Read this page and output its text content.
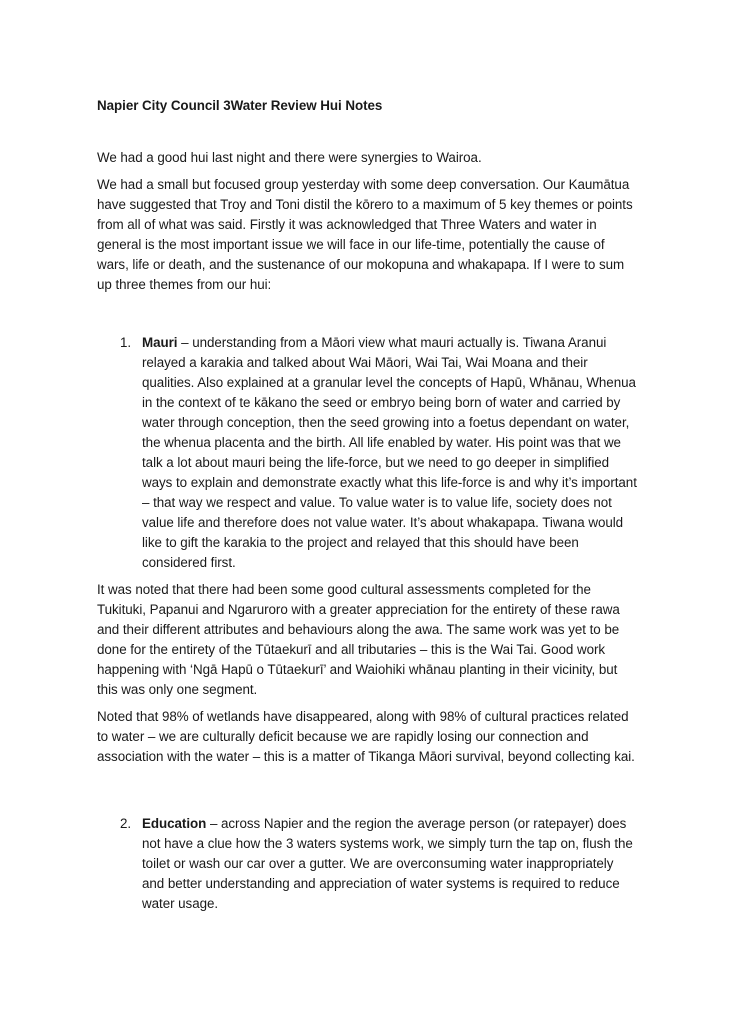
Napier City Council 3Water Review Hui Notes

We had a good hui last night and there were synergies to Wairoa.

We had a small but focused group yesterday with some deep conversation. Our Kaumātua have suggested that Troy and Toni distil the kōrero to a maximum of 5 key themes or points from all of what was said. Firstly it was acknowledged that Three Waters and water in general is the most important issue we will face in our life-time, potentially the cause of wars, life or death, and the sustenance of our mokopuna and whakapapa. If I were to sum up three themes from our hui:

1. Mauri – understanding from a Māori view what mauri actually is. Tiwana Aranui relayed a karakia and talked about Wai Māori, Wai Tai, Wai Moana and their qualities. Also explained at a granular level the concepts of Hapū, Whānau, Whenua in the context of te kākano the seed or embryo being born of water and carried by water through conception, then the seed growing into a foetus dependant on water, the whenua placenta and the birth. All life enabled by water. His point was that we talk a lot about mauri being the life-force, but we need to go deeper in simplified ways to explain and demonstrate exactly what this life-force is and why it’s important – that way we respect and value. To value water is to value life, society does not value life and therefore does not value water. It’s about whakapapa. Tiwana would like to gift the karakia to the project and relayed that this should have been considered first.

It was noted that there had been some good cultural assessments completed for the Tukituki, Papanui and Ngaruroro with a greater appreciation for the entirety of these rawa and their different attributes and behaviours along the awa. The same work was yet to be done for the entirety of the Tūtaekurī and all tributaries – this is the Wai Tai. Good work happening with ‘Ngā Hapū o Tūtaekurī’ and Waiohiki whānau planting in their vicinity, but this was only one segment.

Noted that 98% of wetlands have disappeared, along with 98% of cultural practices related to water – we are culturally deficit because we are rapidly losing our connection and association with the water – this is a matter of Tikanga Māori survival, beyond collecting kai.

2. Education – across Napier and the region the average person (or ratepayer) does not have a clue how the 3 waters systems work, we simply turn the tap on, flush the toilet or wash our car over a gutter. We are overconsuming water inappropriately and better understanding and appreciation of water systems is required to reduce water usage.
